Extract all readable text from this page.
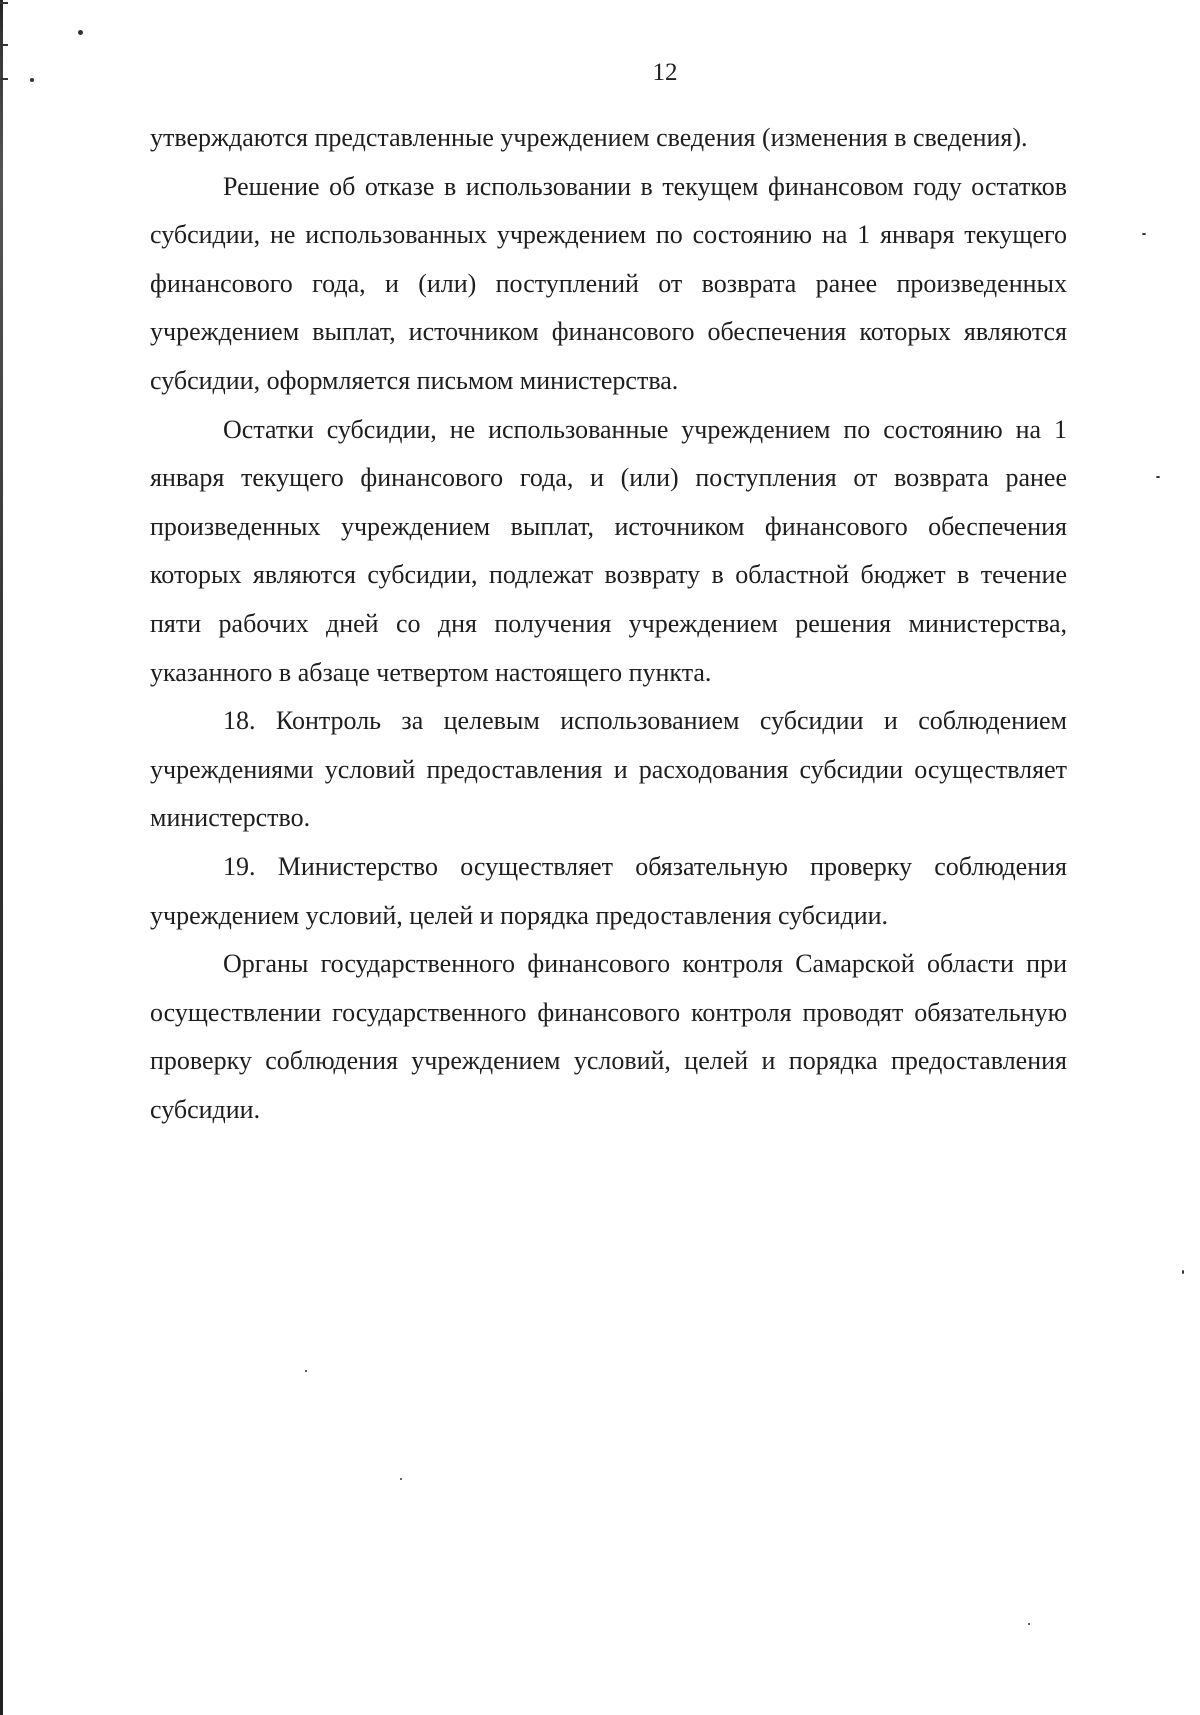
12

утверждаются представленные учреждением сведения (изменения в сведения).

Решение об отказе в использовании в текущем финансовом году остатков субсидии, не использованных учреждением по состоянию на 1 января текущего финансового года, и (или) поступлений от возврата ранее произведенных учреждением выплат, источником финансового обеспечения которых являются субсидии, оформляется письмом министерства.

Остатки субсидии, не использованные учреждением по состоянию на 1 января текущего финансового года, и (или) поступления от возврата ранее произведенных учреждением выплат, источником финансового обеспечения которых являются субсидии, подлежат возврату в областной бюджет в течение пяти рабочих дней со дня получения учреждением решения министерства, указанного в абзаце четвертом настоящего пункта.

18. Контроль за целевым использованием субсидии и соблюдением учреждениями условий предоставления и расходования субсидии осуществляет министерство.

19. Министерство осуществляет обязательную проверку соблюдения учреждением условий, целей и порядка предоставления субсидии.

Органы государственного финансового контроля Самарской области при осуществлении государственного финансового контроля проводят обязательную проверку соблюдения учреждением условий, целей и порядка предоставления субсидии.
